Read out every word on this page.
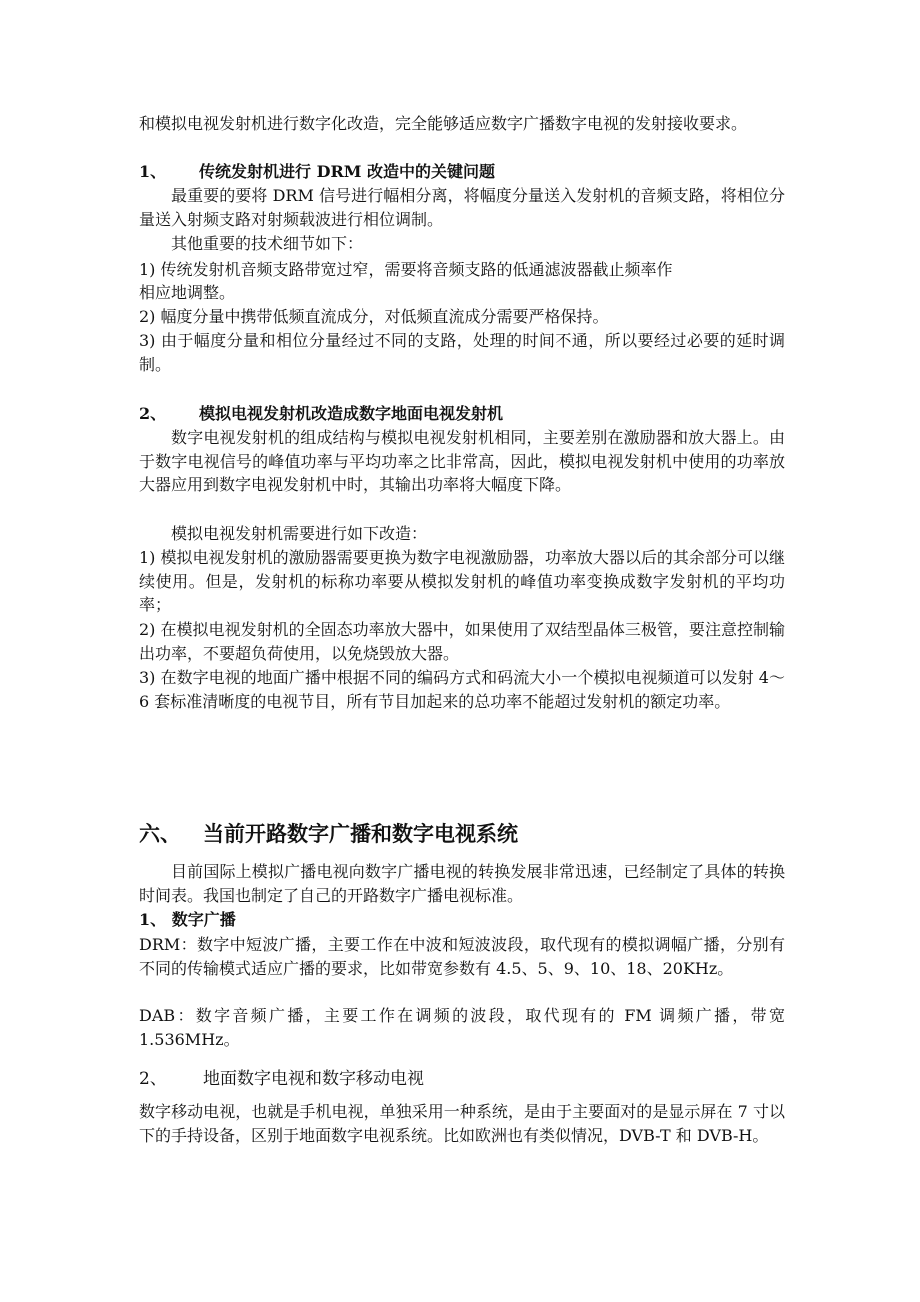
和模拟电视发射机进行数字化改造，完全能够适应数字广播数字电视的发射接收要求。
1、 传统发射机进行 DRM 改造中的关键问题
最重要的要将 DRM 信号进行幅相分离，将幅度分量送入发射机的音频支路，将相位分量送入射频支路对射频载波进行相位调制。
其他重要的技术细节如下：
1) 传统发射机音频支路带宽过窄，需要将音频支路的低通滤波器截止频率作
相应地调整。
2) 幅度分量中携带低频直流成分，对低频直流成分需要严格保持。
3) 由于幅度分量和相位分量经过不同的支路，处理的时间不通，所以要经过必要的延时调制。
2、 模拟电视发射机改造成数字地面电视发射机
数字电视发射机的组成结构与模拟电视发射机相同，主要差别在激励器和放大器上。由于数字电视信号的峰值功率与平均功率之比非常高，因此，模拟电视发射机中使用的功率放大器应用到数字电视发射机中时，其输出功率将大幅度下降。
模拟电视发射机需要进行如下改造：
1) 模拟电视发射机的激励器需要更换为数字电视激励器，功率放大器以后的其余部分可以继续使用。但是，发射机的标称功率要从模拟发射机的峰值功率变换成数字发射机的平均功率；
2) 在模拟电视发射机的全固态功率放大器中，如果使用了双结型晶体三极管，要注意控制输出功率，不要超负荷使用，以免烧毁放大器。
3) 在数字电视的地面广播中根据不同的编码方式和码流大小一个模拟电视频道可以发射 4～6 套标准清晰度的电视节目，所有节目加起来的总功率不能超过发射机的额定功率。
六、 当前开路数字广播和数字电视系统
目前国际上模拟广播电视向数字广播电视的转换发展非常迅速，已经制定了具体的转换时间表。我国也制定了自己的开路数字广播电视标准。
1、 数字广播
DRM：数字中短波广播，主要工作在中波和短波波段，取代现有的模拟调幅广播，分别有不同的传输模式适应广播的要求，比如带宽参数有 4.5、5、9、10、18、20KHz。
DAB：数字音频广播，主要工作在调频的波段，取代现有的 FM 调频广播，带宽 1.536MHz。
2、 地面数字电视和数字移动电视
数字移动电视，也就是手机电视，单独采用一种系统，是由于主要面对的是显示屏在 7 寸以下的手持设备，区别于地面数字电视系统。比如欧洲也有类似情况，DVB-T 和 DVB-H。
